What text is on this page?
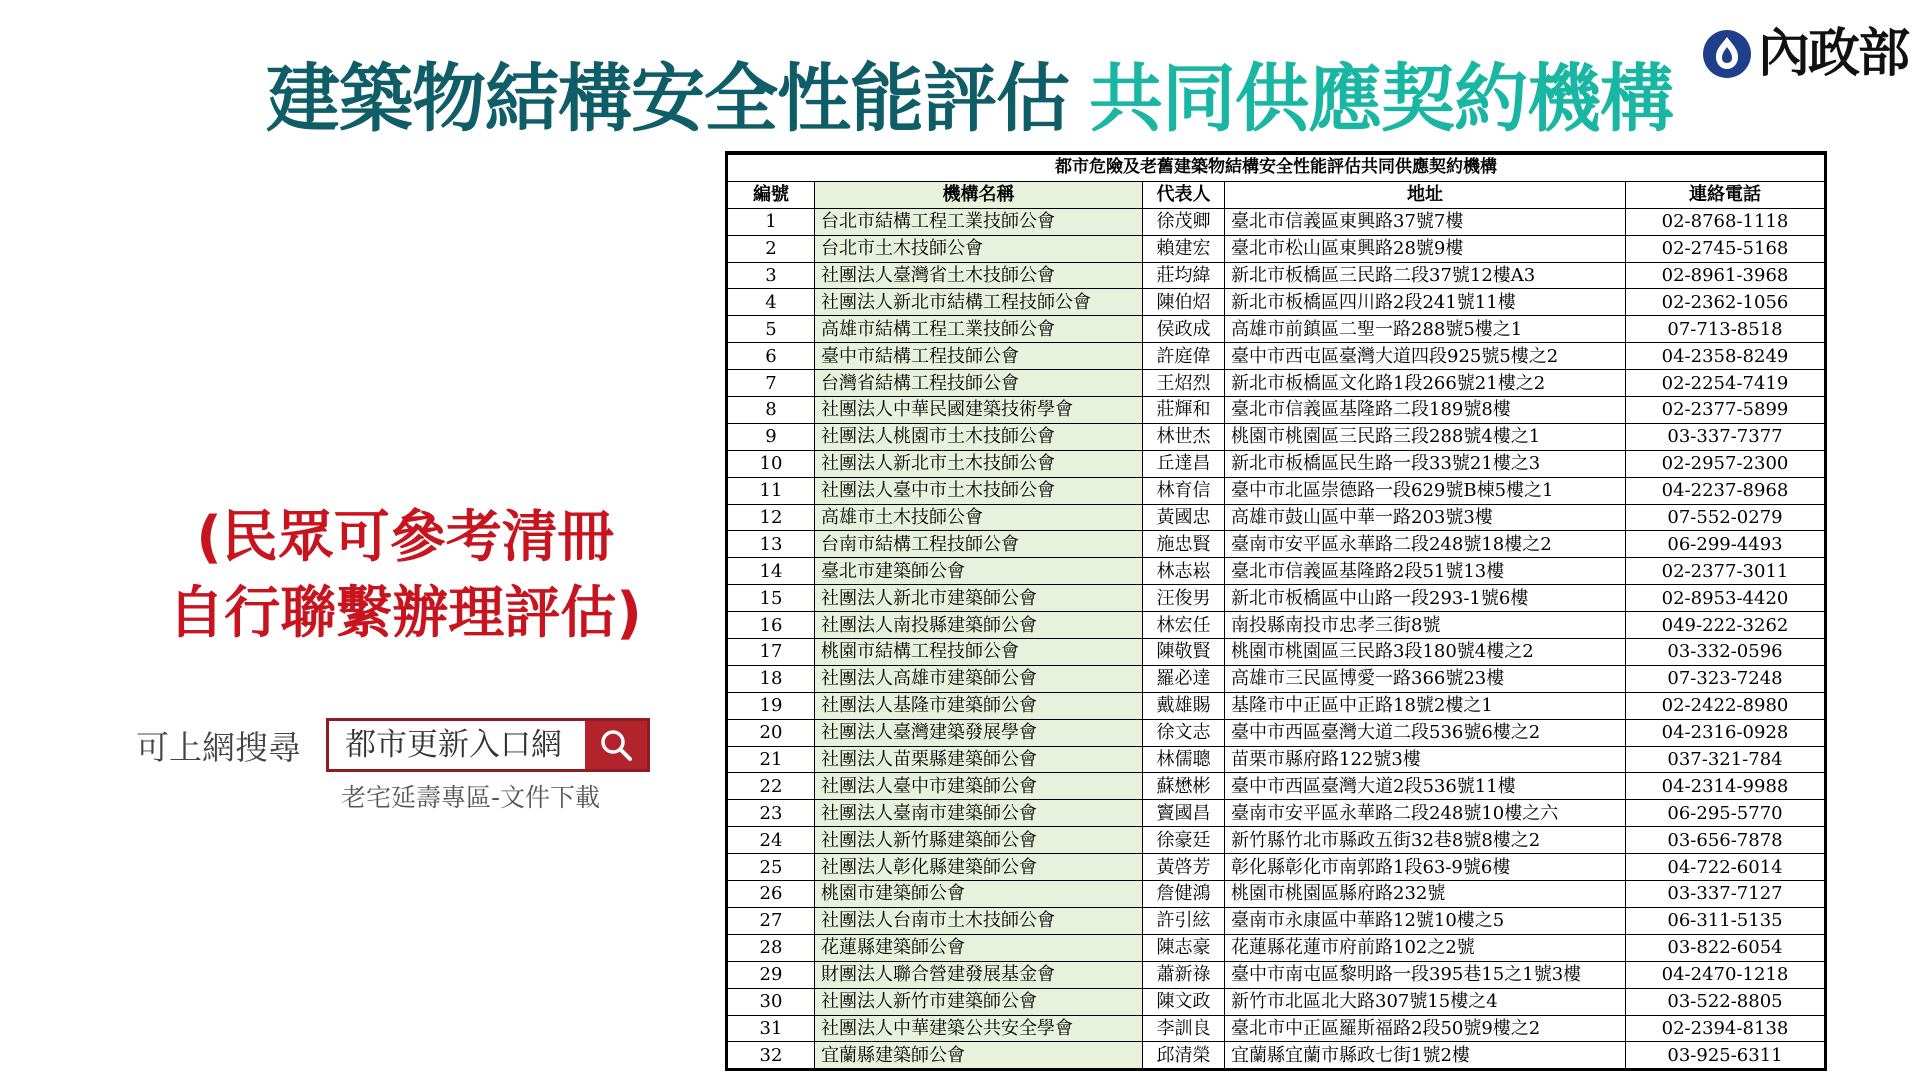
建築物結構安全性能評估 共同供應契約機構
內政部
(民眾可參考清冊
自行聯繫辦理評估)
可上網搜尋	都市更新入口網
老宅延壽專區-文件下載
都市危險及老舊建築物結構安全性能評估共同供應契約機構				
編號	機構名稱	代表人	地址	連絡電話
1	台北市結構工程工業技師公會	徐茂卿	臺北市信義區東興路37號7樓	02-8768-1118
2	台北市土木技師公會	賴建宏	臺北市松山區東興路28號9樓	02-2745-5168
3	社團法人臺灣省土木技師公會	莊均緯	新北市板橋區三民路二段37號12樓A3	02-8961-3968
4	社團法人新北市結構工程技師公會	陳伯炤	新北市板橋區四川路2段241號11樓	02-2362-1056
5	高雄市結構工程工業技師公會	侯政成	高雄市前鎮區二聖一路288號5樓之1	07-713-8518
6	臺中市結構工程技師公會	許庭偉	臺中市西屯區臺灣大道四段925號5樓之2	04-2358-8249
7	台灣省結構工程技師公會	王炤烈	新北市板橋區文化路1段266號21樓之2	02-2254-7419
8	社團法人中華民國建築技術學會	莊輝和	臺北市信義區基隆路二段189號8樓	02-2377-5899
9	社團法人桃園市土木技師公會	林世杰	桃園市桃園區三民路三段288號4樓之1	03-337-7377
10	社團法人新北市土木技師公會	丘達昌	新北市板橋區民生路一段33號21樓之3	02-2957-2300
11	社團法人臺中市土木技師公會	林育信	臺中市北區崇德路一段629號B棟5樓之1	04-2237-8968
12	高雄市土木技師公會	黃國忠	高雄市鼓山區中華一路203號3樓	07-552-0279
13	台南市結構工程技師公會	施忠賢	臺南市安平區永華路二段248號18樓之2	06-299-4493
14	臺北市建築師公會	林志崧	臺北市信義區基隆路2段51號13樓	02-2377-3011
15	社團法人新北市建築師公會	汪俊男	新北市板橋區中山路一段293-1號6樓	02-8953-4420
16	社團法人南投縣建築師公會	林宏任	南投縣南投市忠孝三街8號	049-222-3262
17	桃園市結構工程技師公會	陳敬賢	桃園市桃園區三民路3段180號4樓之2	03-332-0596
18	社團法人高雄市建築師公會	羅必達	高雄市三民區博愛一路366號23樓	07-323-7248
19	社團法人基隆市建築師公會	戴雄賜	基隆市中正區中正路18號2樓之1	02-2422-8980
20	社團法人臺灣建築發展學會	徐文志	臺中市西區臺灣大道二段536號6樓之2	04-2316-0928
21	社團法人苗栗縣建築師公會	林儒聰	苗栗市縣府路122號3樓	037-321-784
22	社團法人臺中市建築師公會	蘇懋彬	臺中市西區臺灣大道2段536號11樓	04-2314-9988
23	社團法人臺南市建築師公會	竇國昌	臺南市安平區永華路二段248號10樓之六	06-295-5770
24	社團法人新竹縣建築師公會	徐豪廷	新竹縣竹北市縣政五街32巷8號8樓之2	03-656-7878
25	社團法人彰化縣建築師公會	黃啓芳	彰化縣彰化市南郭路1段63-9號6樓	04-722-6014
26	桃園市建築師公會	詹健鴻	桃園市桃園區縣府路232號	03-337-7127
27	社團法人台南市土木技師公會	許引絃	臺南市永康區中華路12號10樓之5	06-311-5135
28	花蓮縣建築師公會	陳志豪	花蓮縣花蓮市府前路102之2號	03-822-6054
29	財團法人聯合營建發展基金會	蕭新祿	臺中市南屯區黎明路一段395巷15之1號3樓	04-2470-1218
30	社團法人新竹市建築師公會	陳文政	新竹市北區北大路307號15樓之4	03-522-8805
31	社團法人中華建築公共安全學會	李訓良	臺北市中正區羅斯福路2段50號9樓之2	02-2394-8138
32	宜蘭縣建築師公會	邱清榮	宜蘭縣宜蘭市縣政七街1號2樓	03-925-6311
